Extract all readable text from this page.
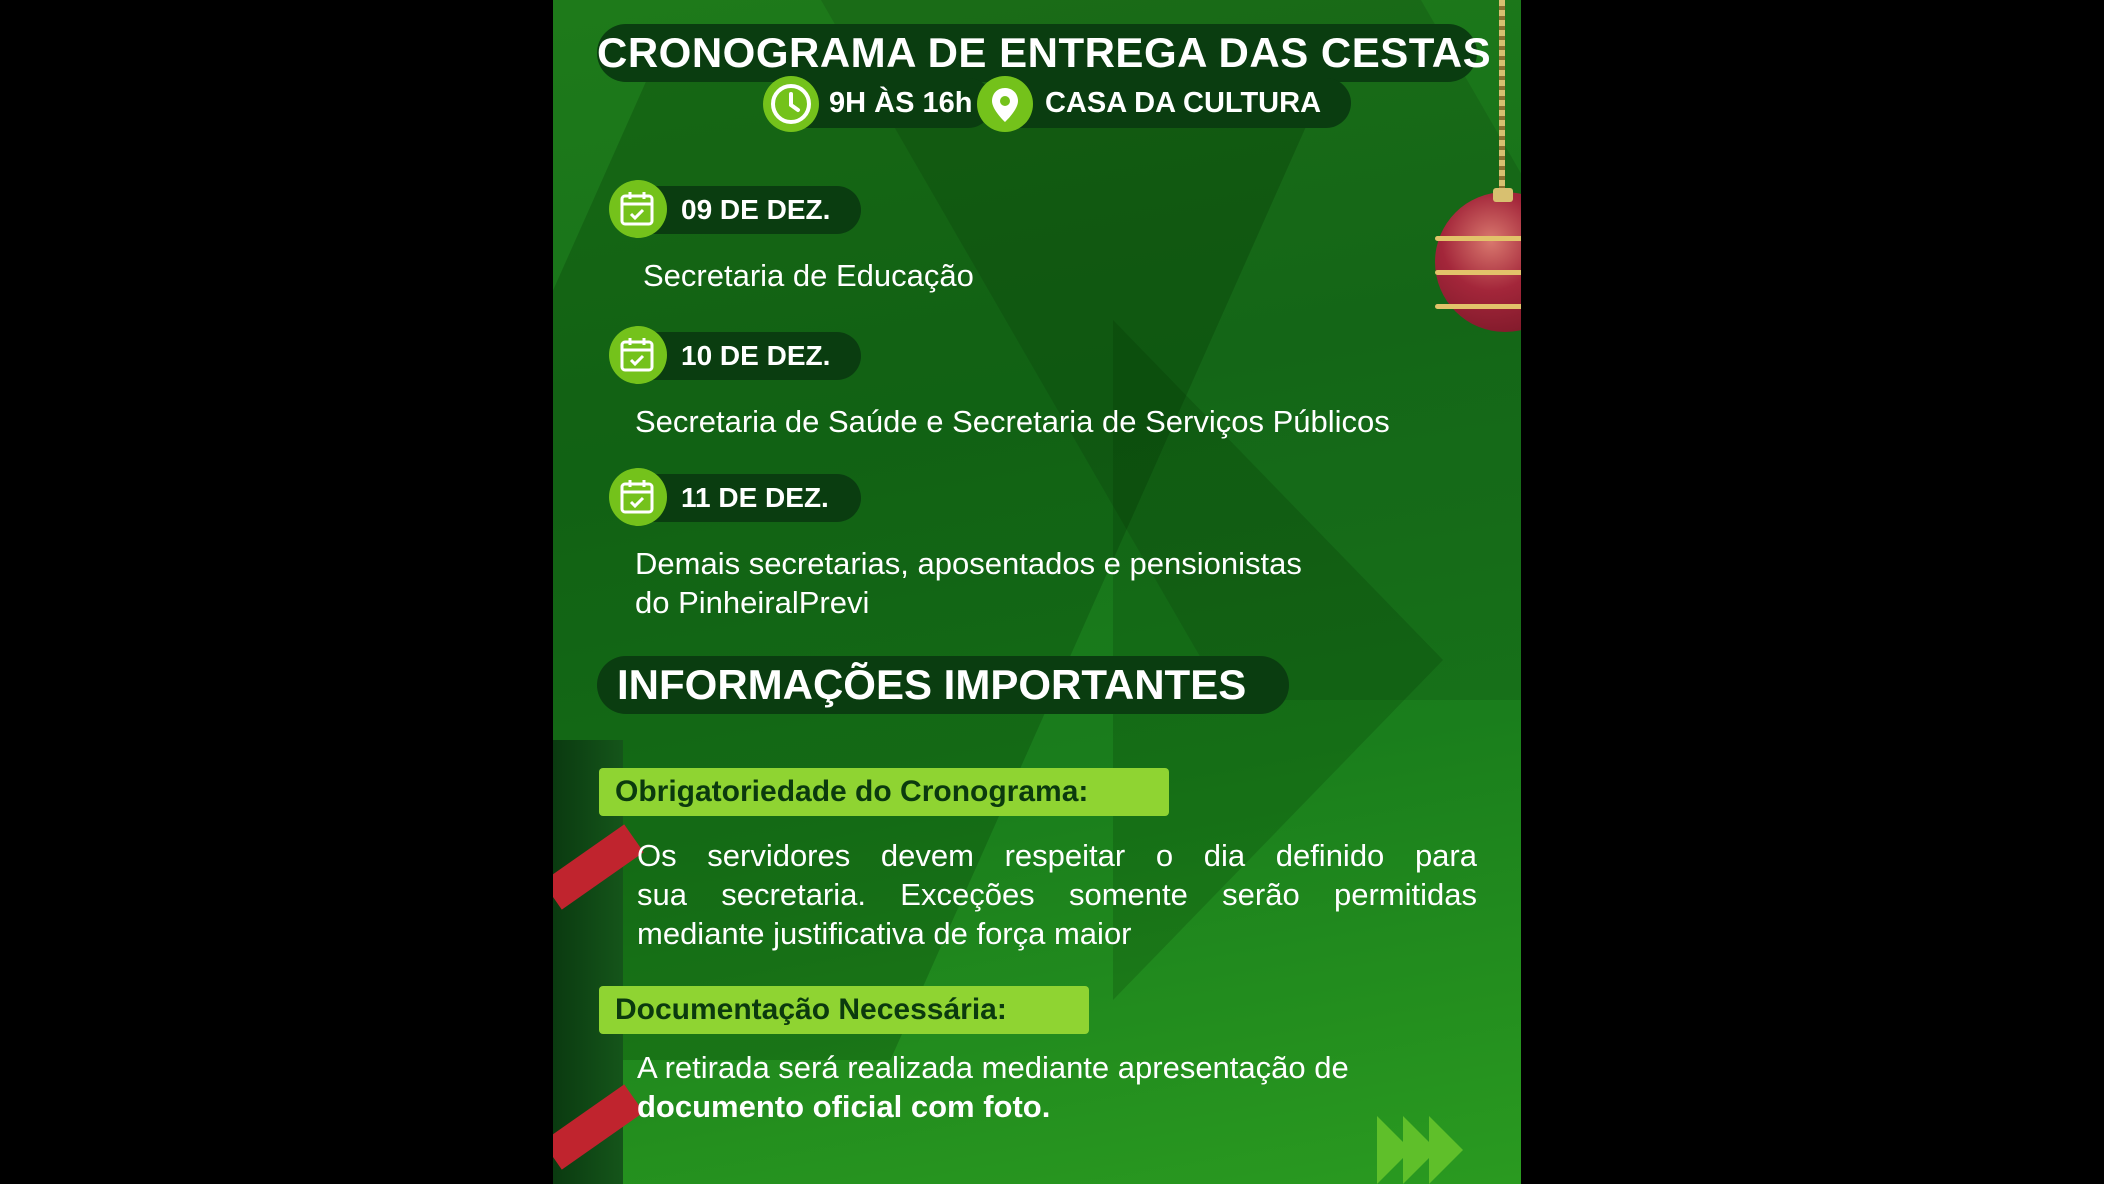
CRONOGRAMA DE ENTREGA DAS CESTAS
9H ÀS 16h	CASA DA CULTURA
09 DE DEZ.
Secretaria de Educação
10 DE DEZ.
Secretaria de Saúde e Secretaria de Serviços Públicos
11 DE DEZ.
Demais secretarias, aposentados e pensionistas
do PinheiralPrevi
INFORMAÇÕES IMPORTANTES
Obrigatoriedade do Cronograma:
Os servidores devem respeitar o dia definido para
sua secretaria. Exceções somente serão permitidas
mediante justificativa de força maior
Documentação Necessária:
A retirada será realizada mediante apresentação de
documento oficial com foto.
